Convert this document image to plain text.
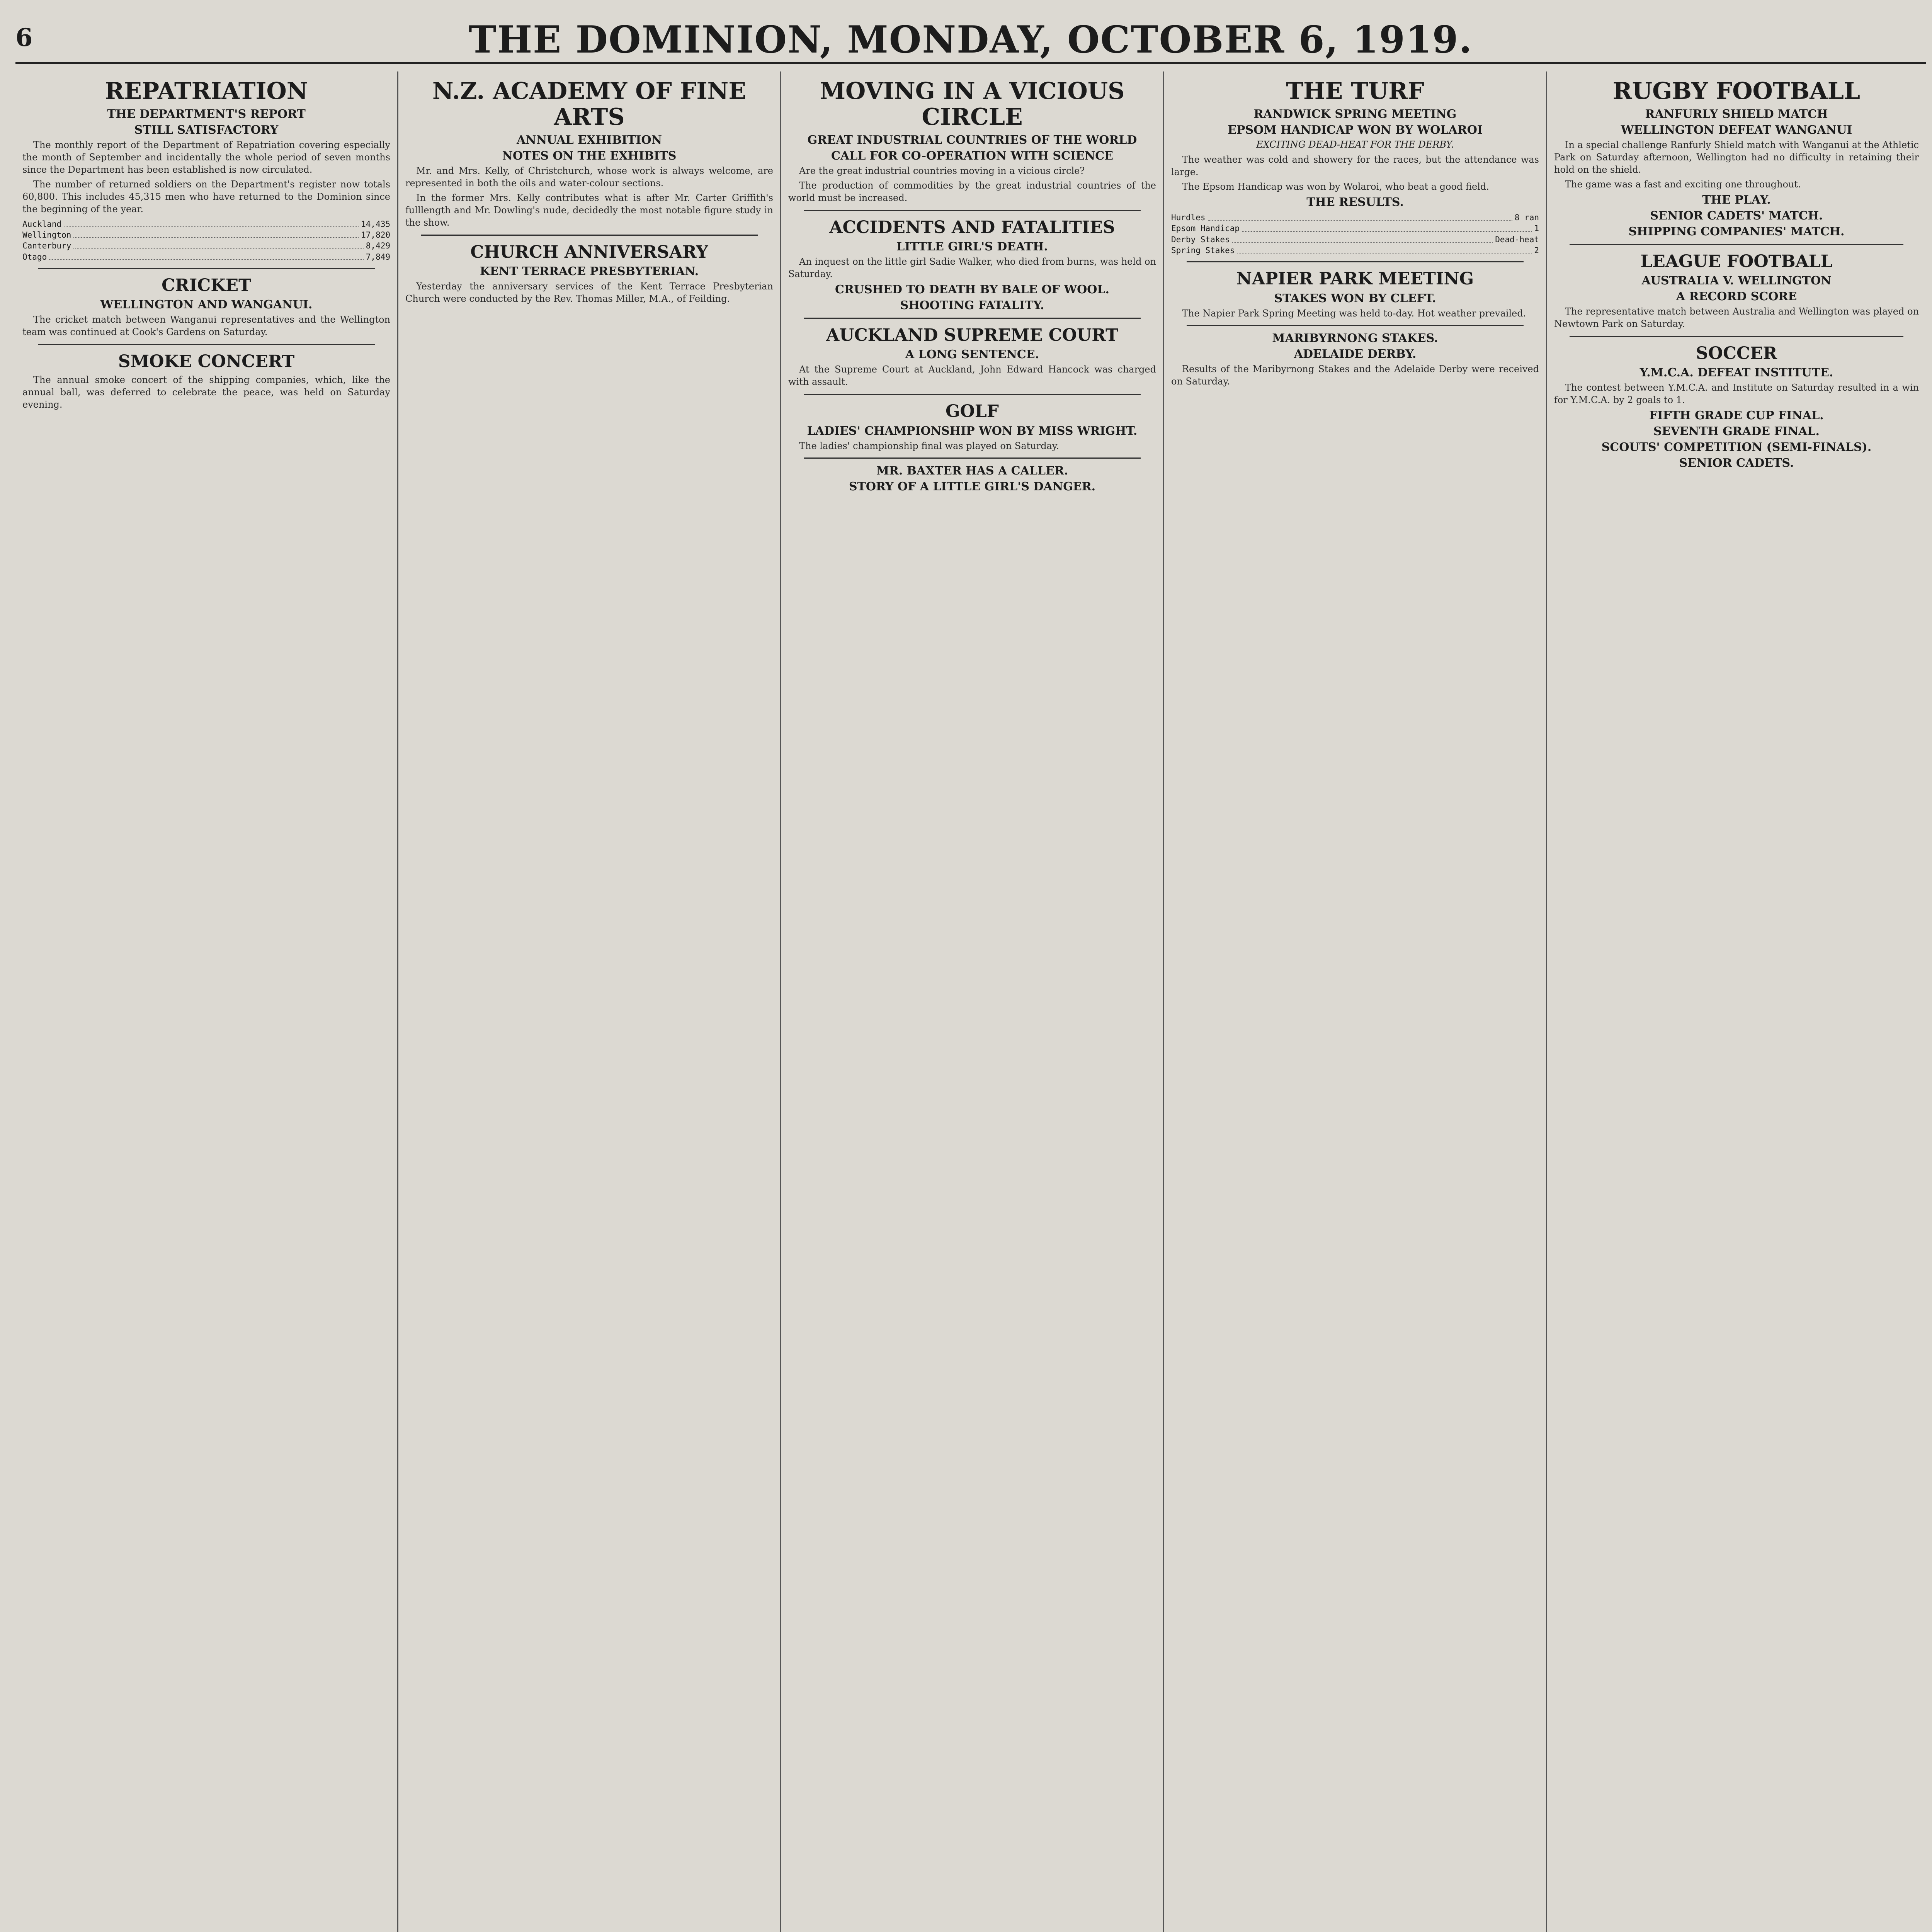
6	THE DOMINION, MONDAY, OCTOBER 6, 1919.
REPATRIATION
THE DEPARTMENT'S REPORT
STILL SATISFACTORY

The monthly report of the Department of Repatriation covering especially the month of September and incidentally the whole period of seven months since the Department has been established is now circulated.

The number of returned soldiers on the Department's register now totals 60,800. This includes 45,315 men who have returned to the Dominion since the beginning of the year.

Auckland	14,435
Wellington	17,820
Canterbury	8,429
Otago	7,849
CRICKET
WELLINGTON AND WANGANUI.

The cricket match between Wanganui representatives and the Wellington team was continued at Cook's Gardens on Saturday.

SMOKE CONCERT

The annual smoke concert of the shipping companies, which, like the annual ball, was deferred to celebrate the peace, was held on Saturday evening.

N.Z. ACADEMY OF FINE ARTS
ANNUAL EXHIBITION
NOTES ON THE EXHIBITS

Mr. and Mrs. Kelly, of Christchurch, whose work is always welcome, are represented in both the oils and water-colour sections.

In the former Mrs. Kelly contributes what is after Mr. Carter Griffith's fulllength and Mr. Dowling's nude, decidedly the most notable figure study in the show.

CHURCH ANNIVERSARY
KENT TERRACE PRESBYTERIAN.

Yesterday the anniversary services of the Kent Terrace Presbyterian Church were conducted by the Rev. Thomas Miller, M.A., of Feilding.

MOVING IN A VICIOUS CIRCLE
GREAT INDUSTRIAL COUNTRIES OF THE WORLD
CALL FOR CO-OPERATION WITH SCIENCE

Are the great industrial countries moving in a vicious circle?

The production of commodities by the great industrial countries of the world must be increased.

ACCIDENTS AND FATALITIES
LITTLE GIRL'S DEATH.

An inquest on the little girl Sadie Walker, who died from burns, was held on Saturday.

CRUSHED TO DEATH BY BALE OF WOOL.
SHOOTING FATALITY.
AUCKLAND SUPREME COURT
A LONG SENTENCE.

At the Supreme Court at Auckland, John Edward Hancock was charged with assault.

GOLF
LADIES' CHAMPIONSHIP WON BY MISS WRIGHT.

The ladies' championship final was played on Saturday.

MR. BAXTER HAS A CALLER.
STORY OF A LITTLE GIRL'S DANGER.
THE TURF
RANDWICK SPRING MEETING
EPSOM HANDICAP WON BY WOLAROI
EXCITING DEAD-HEAT FOR THE DERBY.

The weather was cold and showery for the races, but the attendance was large.

The Epsom Handicap was won by Wolaroi, who beat a good field.

THE RESULTS.
Hurdles	8 ran
Epsom Handicap	1
Derby Stakes	Dead-heat
Spring Stakes	2
NAPIER PARK MEETING
STAKES WON BY CLEFT.

The Napier Park Spring Meeting was held to-day. Hot weather prevailed.

MARIBYRNONG STAKES.
ADELAIDE DERBY.

Results of the Maribyrnong Stakes and the Adelaide Derby were received on Saturday.

RUGBY FOOTBALL
RANFURLY SHIELD MATCH
WELLINGTON DEFEAT WANGANUI

In a special challenge Ranfurly Shield match with Wanganui at the Athletic Park on Saturday afternoon, Wellington had no difficulty in retaining their hold on the shield.

The game was a fast and exciting one throughout.

THE PLAY.
SENIOR CADETS' MATCH.
SHIPPING COMPANIES' MATCH.
LEAGUE FOOTBALL
AUSTRALIA V. WELLINGTON
A RECORD SCORE

The representative match between Australia and Wellington was played on Newtown Park on Saturday.

SOCCER
Y.M.C.A. DEFEAT INSTITUTE.

The contest between Y.M.C.A. and Institute on Saturday resulted in a win for Y.M.C.A. by 2 goals to 1.

FIFTH GRADE CUP FINAL.
SEVENTH GRADE FINAL.
SCOUTS' COMPETITION (SEMI-FINALS).
SENIOR CADETS.
